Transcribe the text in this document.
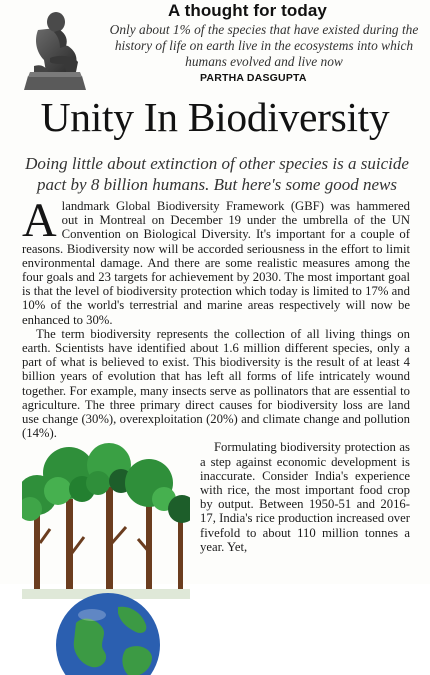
A thought for today

Only about 1% of the species that have existed during the history of life on earth live in the ecosystems into which humans evolved and live now

PARTHA DASGUPTA

Unity In Biodiversity

Doing little about extinction of other species is a suicide pact by 8 billion humans. But here's some good news

Alandmark Global Biodiversity Framework (GBF) was hammered out in Montreal on December 19 under the umbrella of the UN Convention on Biological Diversity. It's important for a couple of reasons. Biodiversity now will be accorded seriousness in the effort to limit environmental damage. And there are some realistic measures among the four goals and 23 targets for achievement by 2030. The most important goal is that the level of biodiversity protection which today is limited to 17% and 10% of the world's terrestrial and marine areas respectively will now be enhanced to 30%.

The term biodiversity represents the collection of all living things on earth. Scientists have identified about 1.6 million different species, only a part of what is believed to exist. This biodiversity is the result of at least 4 billion years of evolution that has left all forms of life intricately wound together. For example, many insects serve as pollinators that are essential to agriculture. The three primary direct causes for biodiversity loss are land use change (30%), overexploitation (20%) and climate change and pollution (14%).

Formulating biodiversity protection as a step against economic development is inaccurate. Consider India's experience with rice, the most important food crop by output. Between 1950-51 and 2016-17, India's rice production increased over fivefold to about 110 million tonnes a year. Yet,
